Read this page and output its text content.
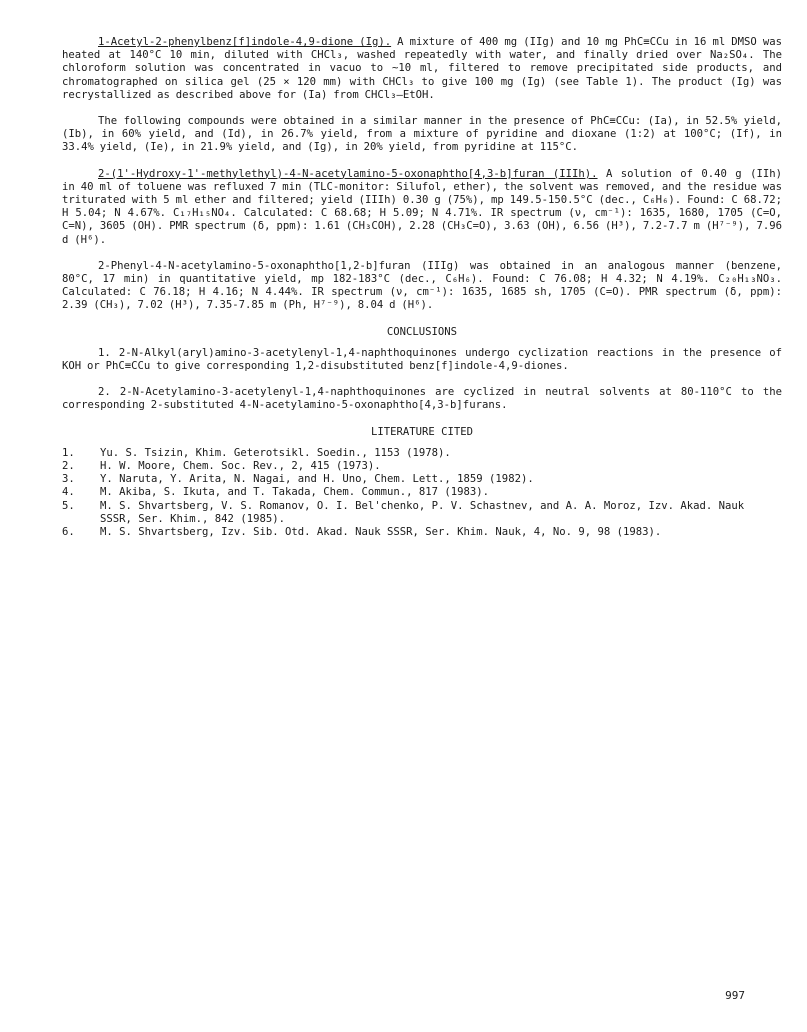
1-Acetyl-2-phenylbenz[f]indole-4,9-dione (Ig). A mixture of 400 mg (IIg) and 10 mg PhC≡CCu in 16 ml DMSO was heated at 140°C 10 min, diluted with CHCl₃, washed repeatedly with water, and finally dried over Na₂SO₄. The chloroform solution was concentrated in vacuo to ∼10 ml, filtered to remove precipitated side products, and chromatographed on silica gel (25 × 120 mm) with CHCl₃ to give 100 mg (Ig) (see Table 1). The product (Ig) was recrystallized as described above for (Ia) from CHCl₃–EtOH.

The following compounds were obtained in a similar manner in the presence of PhC≡CCu: (Ia), in 52.5% yield, (Ib), in 60% yield, and (Id), in 26.7% yield, from a mixture of pyridine and dioxane (1:2) at 100°C; (If), in 33.4% yield, (Ie), in 21.9% yield, and (Ig), in 20% yield, from pyridine at 115°C.

2-(1'-Hydroxy-1'-methylethyl)-4-N-acetylamino-5-oxonaphtho[4,3-b]furan (IIIh). A solution of 0.40 g (IIh) in 40 ml of toluene was refluxed 7 min (TLC-monitor: Silufol, ether), the solvent was removed, and the residue was triturated with 5 ml ether and filtered; yield (IIIh) 0.30 g (75%), mp 149.5-150.5°C (dec., C₆H₆). Found: C 68.72; H 5.04; N 4.67%. C₁₇H₁₅NO₄. Calculated: C 68.68; H 5.09; N 4.71%. IR spectrum (ν, cm⁻¹): 1635, 1680, 1705 (C=O, C=N), 3605 (OH). PMR spectrum (δ, ppm): 1.61 (CH₃COH), 2.28 (CH₃C=O), 3.63 (OH), 6.56 (H³), 7.2-7.7 m (H⁷⁻⁹), 7.96 d (H⁶).

2-Phenyl-4-N-acetylamino-5-oxonaphtho[1,2-b]furan (IIIg) was obtained in an analogous manner (benzene, 80°C, 17 min) in quantitative yield, mp 182-183°C (dec., C₆H₆). Found: C 76.08; H 4.32; N 4.19%. C₂₀H₁₃NO₃. Calculated: C 76.18; H 4.16; N 4.44%. IR spectrum (ν, cm⁻¹): 1635, 1685 sh, 1705 (C=O). PMR spectrum (δ, ppm): 2.39 (CH₃), 7.02 (H³), 7.35-7.85 m (Ph, H⁷⁻⁹), 8.04 d (H⁶).

CONCLUSIONS

1. 2-N-Alkyl(aryl)amino-3-acetylenyl-1,4-naphthoquinones undergo cyclization reactions in the presence of KOH or PhC≡CCu to give corresponding 1,2-disubstituted benz[f]indole-4,9-diones.

2. 2-N-Acetylamino-3-acetylenyl-1,4-naphthoquinones are cyclized in neutral solvents at 80-110°C to the corresponding 2-substituted 4-N-acetylamino-5-oxonaphtho[4,3-b]furans.

LITERATURE CITED
1.	Yu. S. Tsizin, Khim. Geterotsikl. Soedin., 1153 (1978).
2.	H. W. Moore, Chem. Soc. Rev., 2, 415 (1973).
3.	Y. Naruta, Y. Arita, N. Nagai, and H. Uno, Chem. Lett., 1859 (1982).
4.	M. Akiba, S. Ikuta, and T. Takada, Chem. Commun., 817 (1983).
5.	M. S. Shvartsberg, V. S. Romanov, O. I. Bel'chenko, P. V. Schastnev, and A. A. Moroz, Izv. Akad. Nauk SSSR, Ser. Khim., 842 (1985).
6.	M. S. Shvartsberg, Izv. Sib. Otd. Akad. Nauk SSSR, Ser. Khim. Nauk, 4, No. 9, 98 (1983).
997
